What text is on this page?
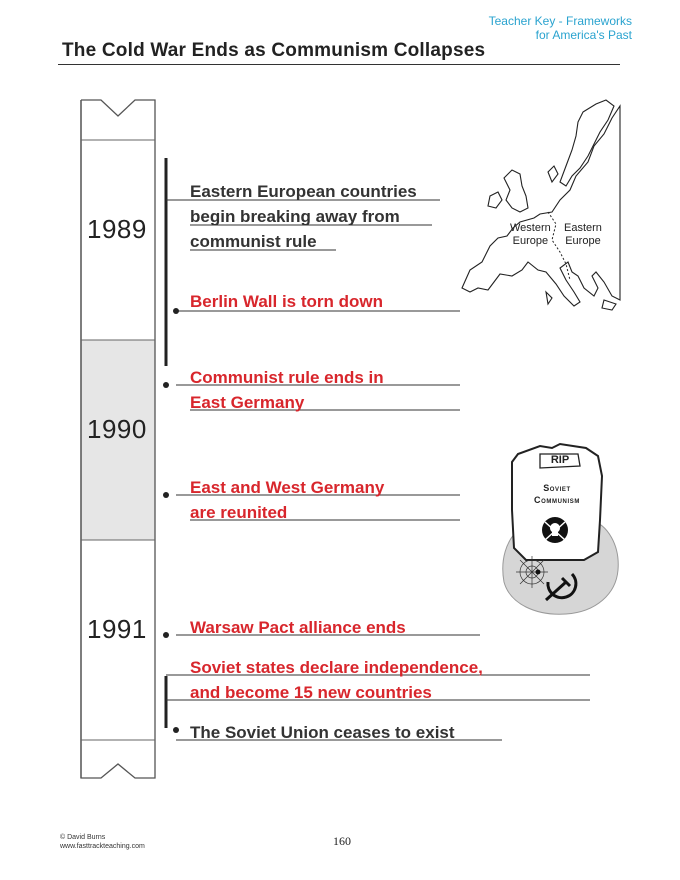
Teacher Key - Frameworks
for America's Past
The Cold War Ends as Communism Collapses
1989
1990
1991
Eastern European countries
begin breaking away from
communist rule
Berlin Wall is torn down
Communist rule ends in
East Germany
East and West Germany
are reunited
Warsaw Pact alliance ends
Soviet states declare independence,
and become 15 new countries
The Soviet Union ceases to exist
Western
Europe
Eastern
Europe
RIP
Soviet
Communism
© David Burns
www.fasttrackteaching.com	160
